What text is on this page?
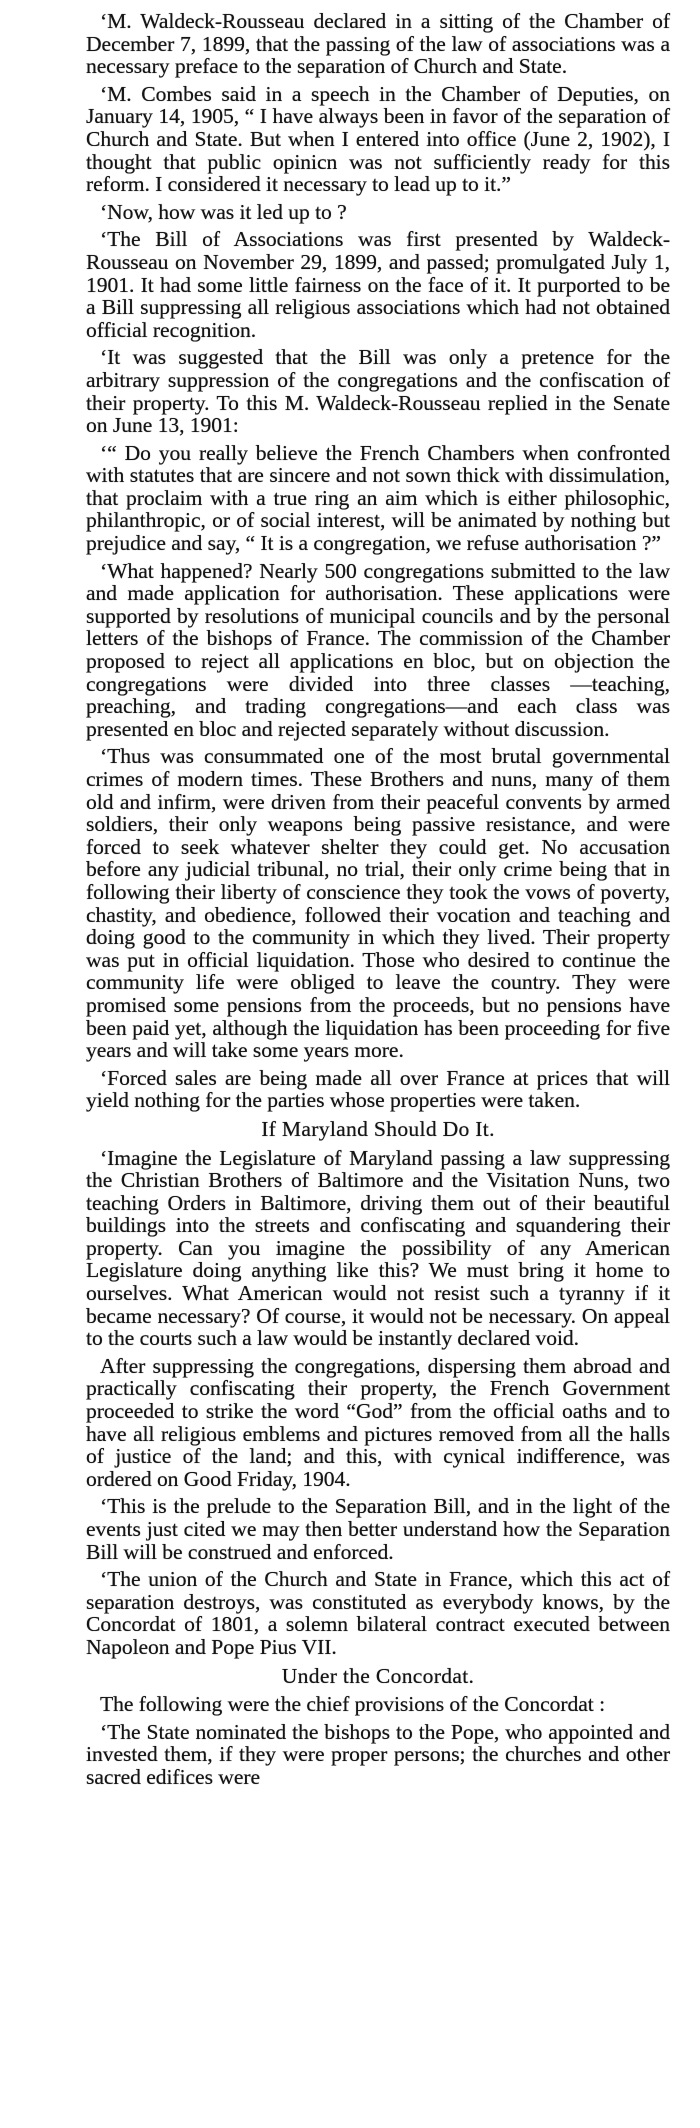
‘M. Waldeck-Rousseau declared in a sitting of the Chamber of December 7, 1899, that the passing of the law of associations was a necessary preface to the separation of Church and State.

‘M. Combes said in a speech in the Chamber of Deputies, on January 14, 1905, “ I have always been in favor of the separation of Church and State. But when I entered into office (June 2, 1902), I thought that public opinicn was not sufficiently ready for this reform. I considered it necessary to lead up to it.”

‘Now, how was it led up to ?

‘The Bill of Associations was first presented by Waldeck-Rousseau on November 29, 1899, and passed; promulgated July 1, 1901. It had some little fairness on the face of it. It purported to be a Bill suppressing all religious associations which had not obtained official recognition.

‘It was suggested that the Bill was only a pretence for the arbitrary suppression of the congregations and the confiscation of their property. To this M. Waldeck-Rousseau replied in the Senate on June 13, 1901:

‘“ Do you really believe the French Chambers when confronted with statutes that are sincere and not sown thick with dissimulation, that proclaim with a true ring an aim which is either philosophic, philanthropic, or of social interest, will be animated by nothing but prejudice and say, “ It is a congregation, we refuse authorisation ?”

‘What happened? Nearly 500 congregations submitted to the law and made application for authorisation. These applications were supported by resolutions of municipal councils and by the personal letters of the bishops of France. The commission of the Chamber proposed to reject all applications en bloc, but on objection the congregations were divided into three classes —teaching, preaching, and trading congregations—and each class was presented en bloc and rejected separately without discussion.

‘Thus was consummated one of the most brutal governmental crimes of modern times. These Brothers and nuns, many of them old and infirm, were driven from their peaceful convents by armed soldiers, their only weapons being passive resistance, and were forced to seek whatever shelter they could get. No accusation before any judicial tribunal, no trial, their only crime being that in following their liberty of conscience they took the vows of poverty, chastity, and obedience, followed their vocation and teaching and doing good to the community in which they lived. Their property was put in official liquidation. Those who desired to continue the community life were obliged to leave the country. They were promised some pensions from the proceeds, but no pensions have been paid yet, although the liquidation has been proceeding for five years and will take some years more.

‘Forced sales are being made all over France at prices that will yield nothing for the parties whose properties were taken.

If Maryland Should Do It.

‘Imagine the Legislature of Maryland passing a law suppressing the Christian Brothers of Baltimore and the Visitation Nuns, two teaching Orders in Baltimore, driving them out of their beautiful buildings into the streets and confiscating and squandering their property. Can you imagine the possibility of any American Legislature doing anything like this? We must bring it home to ourselves. What American would not resist such a tyranny if it became necessary? Of course, it would not be necessary. On appeal to the courts such a law would be instantly declared void.

After suppressing the congregations, dispersing them abroad and practically confiscating their property, the French Government proceeded to strike the word “God” from the official oaths and to have all religious emblems and pictures removed from all the halls of justice of the land; and this, with cynical indifference, was ordered on Good Friday, 1904.

‘This is the prelude to the Separation Bill, and in the light of the events just cited we may then better understand how the Separation Bill will be construed and enforced.

‘The union of the Church and State in France, which this act of separation destroys, was constituted as everybody knows, by the Concordat of 1801, a solemn bilateral contract executed between Napoleon and Pope Pius VII.

Under the Concordat.

The following were the chief provisions of the Concordat :

‘The State nominated the bishops to the Pope, who appointed and invested them, if they were proper persons; the churches and other sacred edifices were
